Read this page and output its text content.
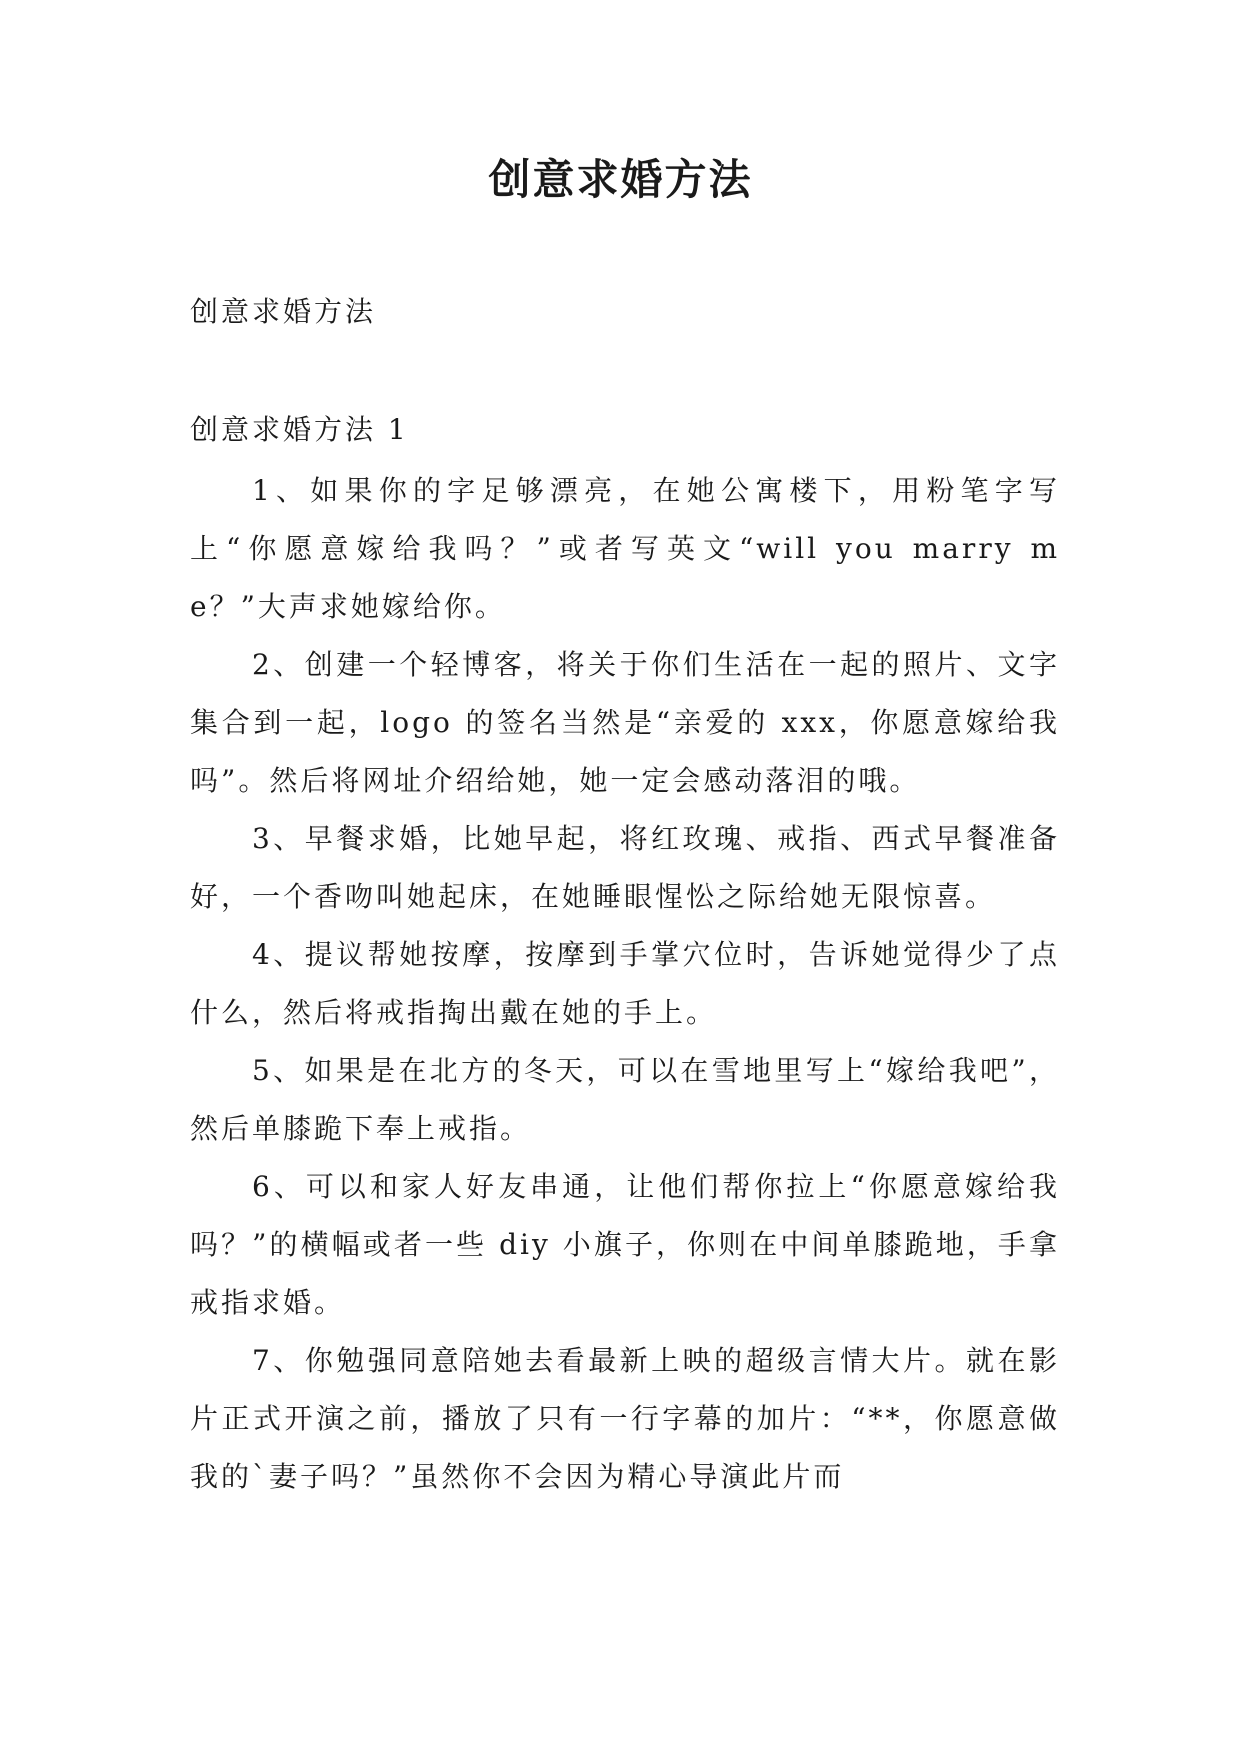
创意求婚方法
创意求婚方法
创意求婚方法 1

1、如果你的字足够漂亮，在她公寓楼下，用粉笔字写上“你愿意嫁给我吗？”或者写英文“will you marry me？”大声求她嫁给你。

2、创建一个轻博客，将关于你们生活在一起的照片、文字集合到一起，logo 的签名当然是“亲爱的 xxx，你愿意嫁给我吗”。然后将网址介绍给她，她一定会感动落泪的哦。

3、早餐求婚，比她早起，将红玫瑰、戒指、西式早餐准备好，一个香吻叫她起床，在她睡眼惺忪之际给她无限惊喜。

4、提议帮她按摩，按摩到手掌穴位时，告诉她觉得少了点什么，然后将戒指掏出戴在她的手上。

5、如果是在北方的冬天，可以在雪地里写上“嫁给我吧”，然后单膝跪下奉上戒指。

6、可以和家人好友串通，让他们帮你拉上“你愿意嫁给我吗？”的横幅或者一些 diy 小旗子，你则在中间单膝跪地，手拿戒指求婚。

7、你勉强同意陪她去看最新上映的超级言情大片。就在影片正式开演之前，播放了只有一行字幕的加片：“**，你愿意做我的`妻子吗？”虽然你不会因为精心导演此片而
